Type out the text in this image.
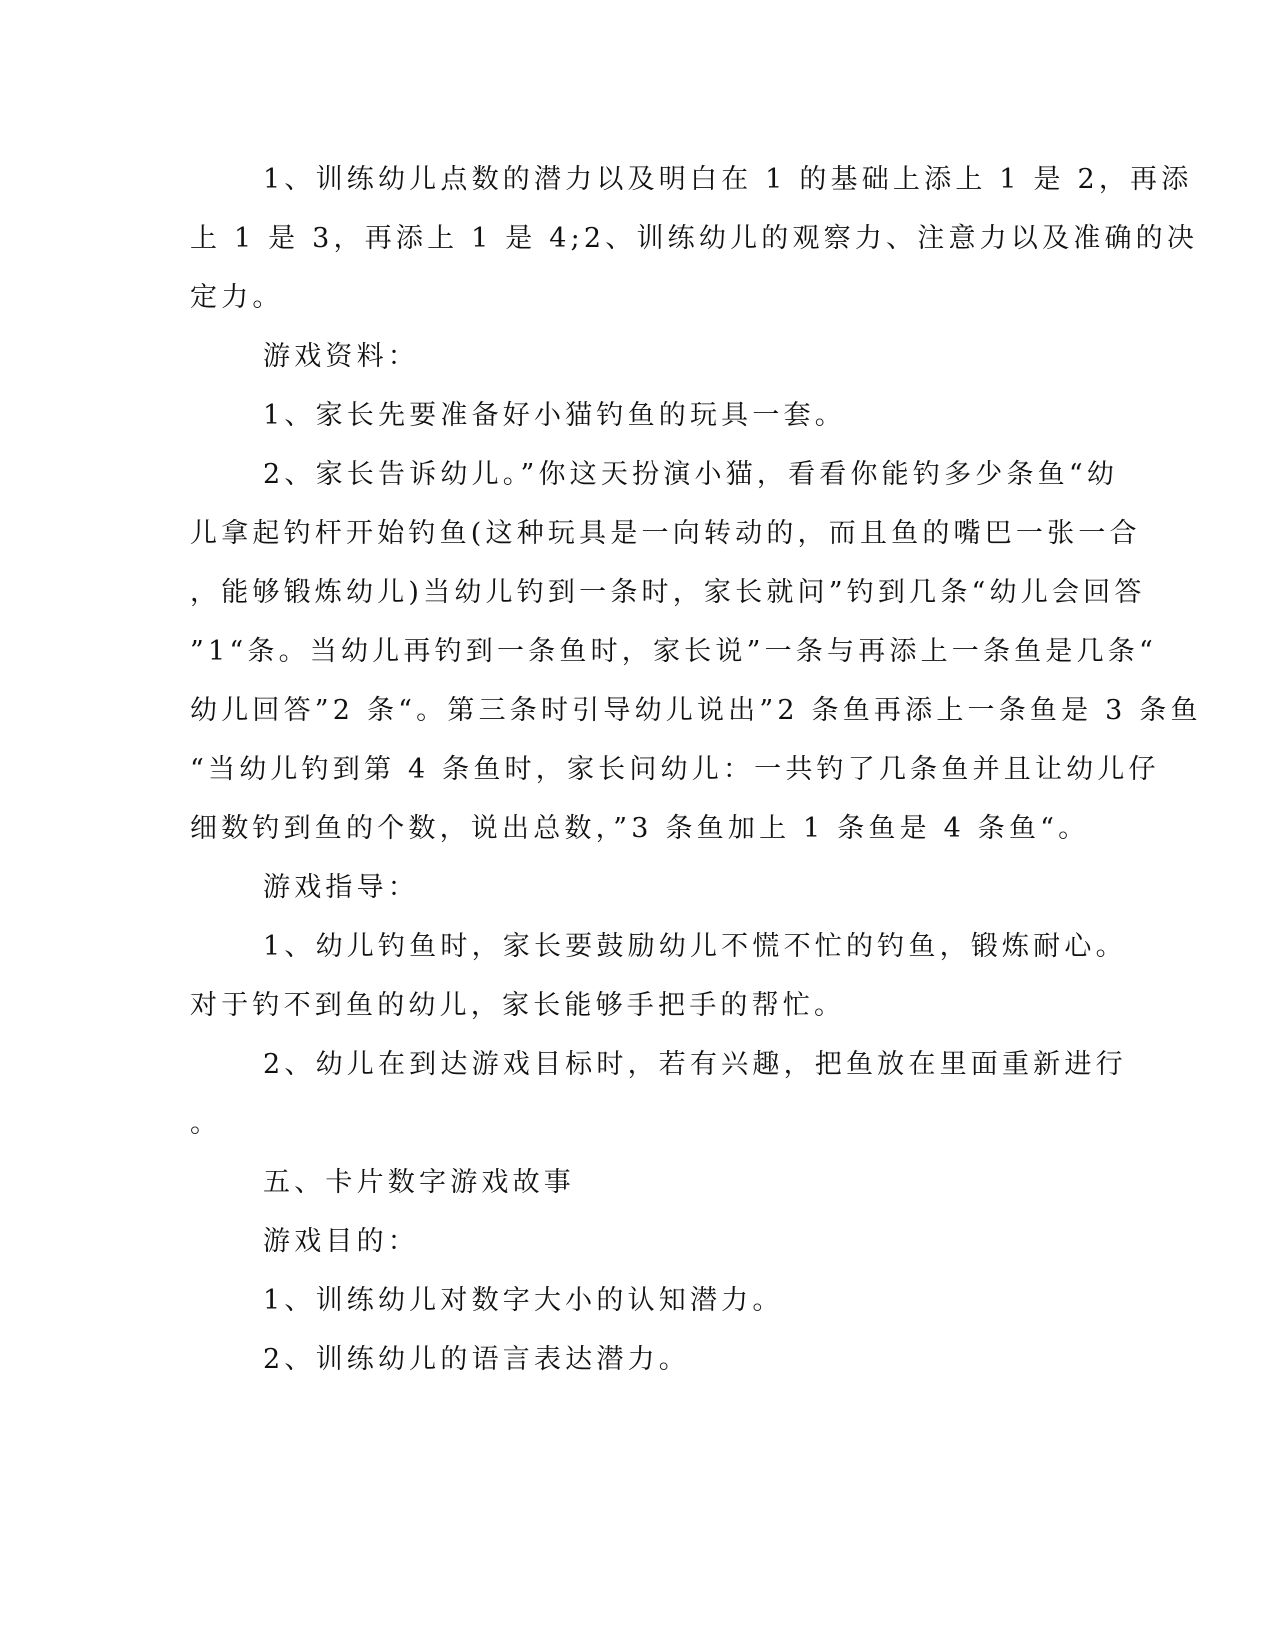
1、训练幼儿点数的潜力以及明白在 1 的基础上添上 1 是 2，再添

上 1 是 3，再添上 1 是 4;2、训练幼儿的观察力、注意力以及准确的决

定力。

游戏资料：

1、家长先要准备好小猫钓鱼的玩具一套。

2、家长告诉幼儿。”你这天扮演小猫，看看你能钓多少条鱼“幼

儿拿起钓杆开始钓鱼(这种玩具是一向转动的，而且鱼的嘴巴一张一合

，能够锻炼幼儿)当幼儿钓到一条时，家长就问”钓到几条“幼儿会回答

”1“条。当幼儿再钓到一条鱼时，家长说”一条与再添上一条鱼是几条“

幼儿回答”2 条“。第三条时引导幼儿说出”2 条鱼再添上一条鱼是 3 条鱼

“当幼儿钓到第 4 条鱼时，家长问幼儿：一共钓了几条鱼并且让幼儿仔

细数钓到鱼的个数，说出总数，”3 条鱼加上 1 条鱼是 4 条鱼“。

游戏指导：

1、幼儿钓鱼时，家长要鼓励幼儿不慌不忙的钓鱼，锻炼耐心。

对于钓不到鱼的幼儿，家长能够手把手的帮忙。

2、幼儿在到达游戏目标时，若有兴趣，把鱼放在里面重新进行

。

五、卡片数字游戏故事

游戏目的：

1、训练幼儿对数字大小的认知潜力。

2、训练幼儿的语言表达潜力。
